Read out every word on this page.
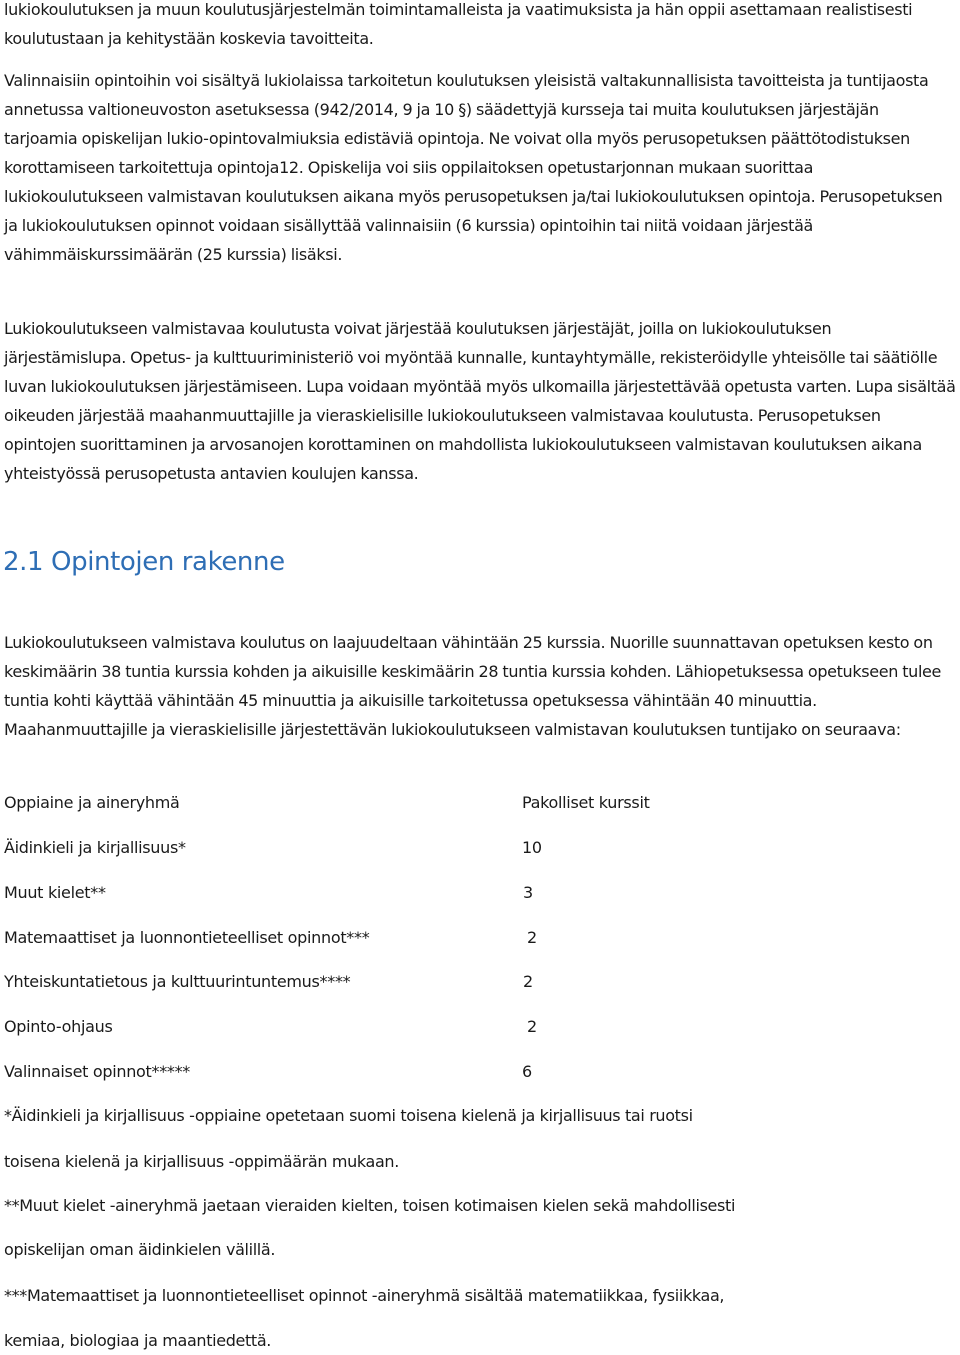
lukiokoulutuksen ja muun koulutusjärjestelmän toimintamalleista ja vaatimuksista ja hän oppii asettamaan realistisesti koulutustaan ja kehitystään koskevia tavoitteita.

Valinnaisiin opintoihin voi sisältyä lukiolaissa tarkoitetun koulutuksen yleisistä valtakunnallisista tavoitteista ja tuntijaosta annetussa valtioneuvoston asetuksessa (942/2014, 9 ja 10 §) säädettyjä kursseja tai muita koulutuksen järjestäjän tarjoamia opiskelijan lukio-opintovalmiuksia edistäviä opintoja. Ne voivat olla myös perusopetuksen päättötodistuksen korottamiseen tarkoitettuja opintoja12. Opiskelija voi siis oppilaitoksen opetustarjonnan mukaan suorittaa lukiokoulutukseen valmistavan koulutuksen aikana myös perusopetuksen ja/tai lukiokoulutuksen opintoja. Perusopetuksen ja lukiokoulutuksen opinnot voidaan sisällyttää valinnaisiin (6 kurssia) opintoihin tai niitä voidaan järjestää vähimmäiskurssimäärän (25 kurssia) lisäksi.

Lukiokoulutukseen valmistavaa koulutusta voivat järjestää koulutuksen järjestäjät, joilla on lukiokoulutuksen järjestämislupa. Opetus- ja kulttuuriministeriö voi myöntää kunnalle, kuntayhtymälle, rekisteröidylle yhteisölle tai säätiölle luvan lukiokoulutuksen järjestämiseen. Lupa voidaan myöntää myös ulkomailla järjestettävää opetusta varten. Lupa sisältää oikeuden järjestää maahanmuuttajille ja vieraskielisille lukiokoulutukseen valmistavaa koulutusta. Perusopetuksen opintojen suorittaminen ja arvosanojen korottaminen on mahdollista lukiokoulutukseen valmistavan koulutuksen aikana yhteistyössä perusopetusta antavien koulujen kanssa.

2.1 Opintojen rakenne

Lukiokoulutukseen valmistava koulutus on laajuudeltaan vähintään 25 kurssia. Nuorille suunnattavan opetuksen kesto on keskimäärin 38 tuntia kurssia kohden ja aikuisille keskimäärin 28 tuntia kurssia kohden. Lähiopetuksessa opetukseen tulee tuntia kohti käyttää vähintään 45 minuuttia ja aikuisille tarkoitetussa opetuksessa vähintään 40 minuuttia. Maahanmuuttajille ja vieraskielisille järjestettävän lukiokoulutukseen valmistavan koulutuksen tuntijako on seuraava:

Oppiaine ja aineryhmä	Pakolliset kurssit
Äidinkieli ja kirjallisuus*	10
Muut kielet**	3
Matemaattiset ja luonnontieteelliset opinnot***	2
Yhteiskuntatietous ja kulttuurintuntemus****	2
Opinto-ohjaus	2
Valinnaiset opinnot*****	6

*Äidinkieli ja kirjallisuus -oppiaine opetetaan suomi toisena kielenä ja kirjallisuus tai ruotsi

toisena kielenä ja kirjallisuus -oppimäärän mukaan.

**Muut kielet -aineryhmä jaetaan vieraiden kielten, toisen kotimaisen kielen sekä mahdollisesti

opiskelijan oman äidinkielen välillä.

***Matemaattiset ja luonnontieteelliset opinnot -aineryhmä sisältää matematiikkaa, fysiikkaa,

kemiaa, biologiaa ja maantiedettä.
